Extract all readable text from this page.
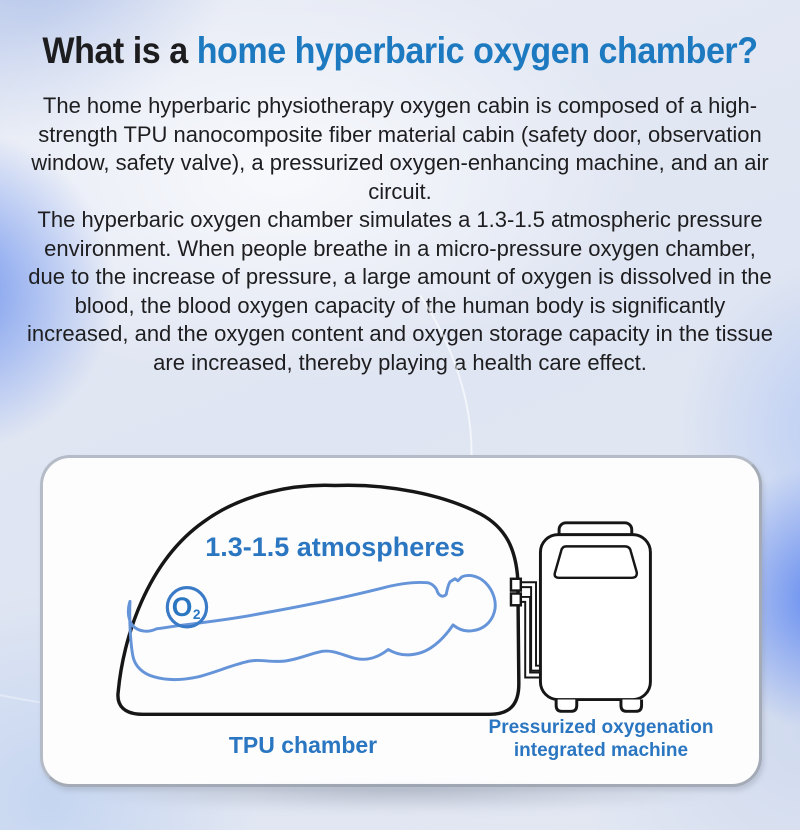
What is a home hyperbaric oxygen chamber?

The home hyperbaric physiotherapy oxygen cabin is composed of a high-strength TPU nanocomposite fiber material cabin (safety door, observation window, safety valve), a pressurized oxygen-enhancing machine, and an air circuit.

The hyperbaric oxygen chamber simulates a 1.3-1.5 atmospheric pressure environment. When people breathe in a micro-pressure oxygen chamber, due to the increase of pressure, a large amount of oxygen is dissolved in the blood, the blood oxygen capacity of the human body is significantly increased, and the oxygen content and oxygen storage capacity in the tissue are increased, thereby playing a health care effect.

O 2
1.3-1.5 atmospheres
TPU chamber
Pressurized oxygenation
integrated machine
